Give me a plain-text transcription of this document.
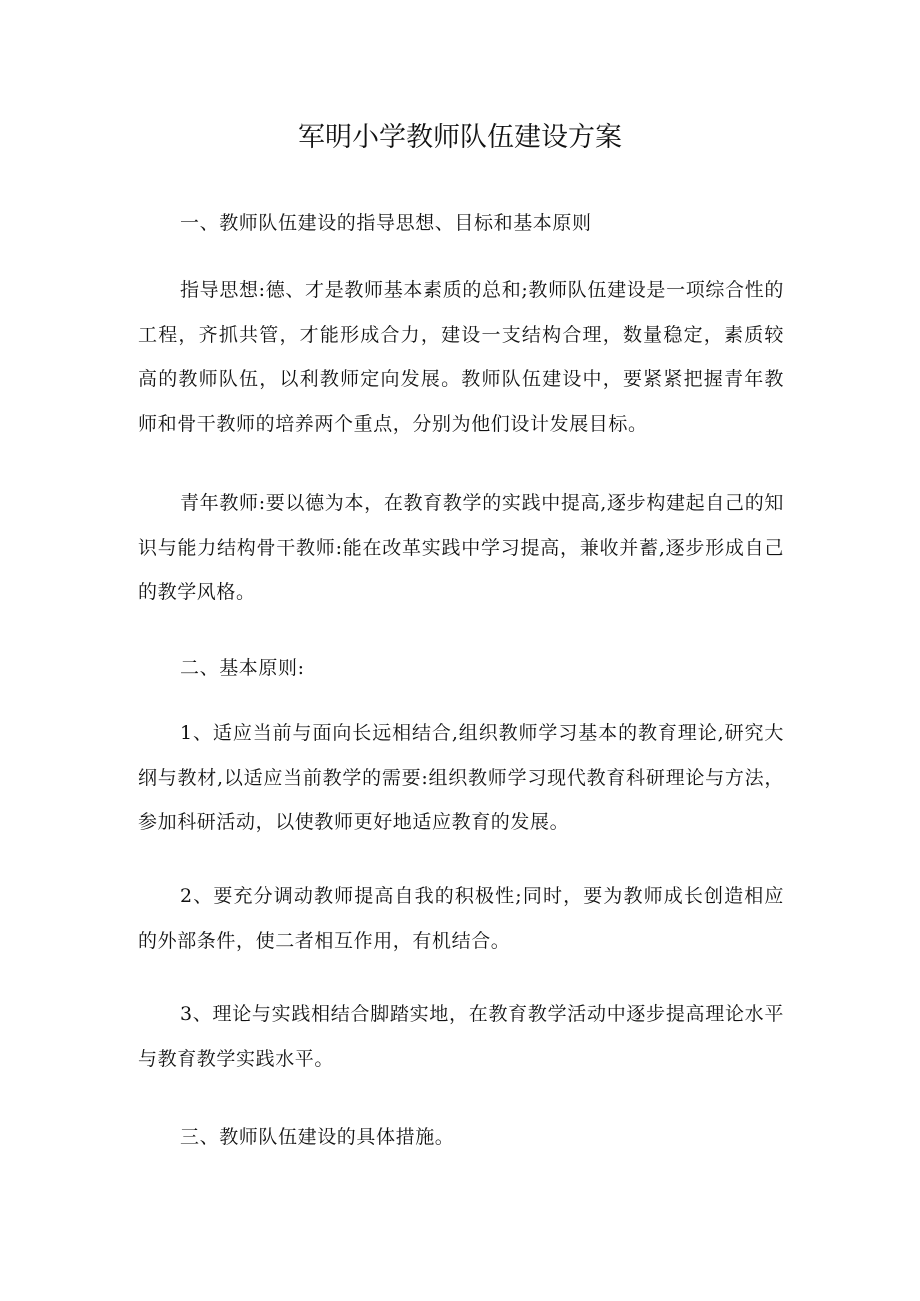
军明小学教师队伍建设方案

一、教师队伍建设的指导思想、目标和基本原则

指导思想:德、才是教师基本素质的总和;教师队伍建设是一项综合性的工程，齐抓共管，才能形成合力，建设一支结构合理，数量稳定，素质较高的教师队伍，以利教师定向发展。教师队伍建设中，要紧紧把握青年教师和骨干教师的培养两个重点，分别为他们设计发展目标。

青年教师:要以德为本，在教育教学的实践中提高,逐步构建起自己的知识与能力结构骨干教师:能在改革实践中学习提高，兼收并蓄,逐步形成自己的教学风格。

二、基本原则:

1、适应当前与面向长远相结合,组织教师学习基本的教育理论,研究大纲与教材,以适应当前教学的需要:组织教师学习现代教育科研理论与方法，参加科研活动，以使教师更好地适应教育的发展。

2、要充分调动教师提高自我的积极性;同时，要为教师成长创造相应的外部条件，使二者相互作用，有机结合。

3、理论与实践相结合脚踏实地，在教育教学活动中逐步提高理论水平与教育教学实践水平。

三、教师队伍建设的具体措施。
